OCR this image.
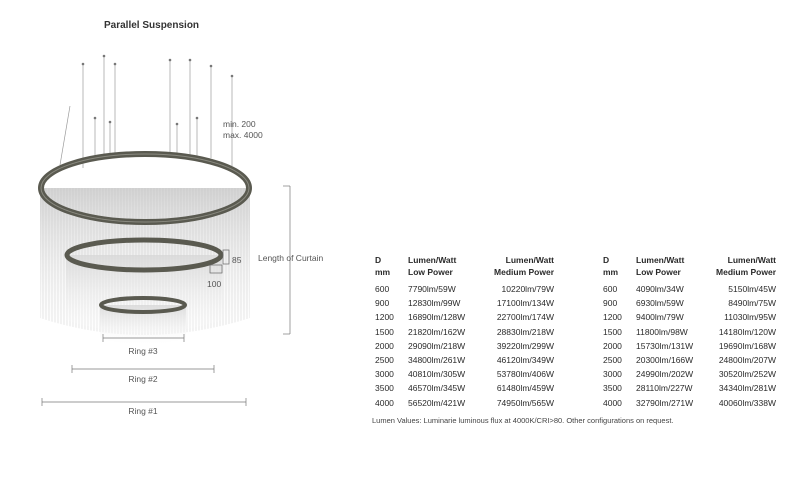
Parallel Suspension
85
100
min. 200
max. 4000
Length of Curtain
Ring #3
Ring #2
Ring #1
D
mm
Lumen/Watt
Low Power
Lumen/Watt
Medium Power
600 7790lm/59W	10220lm/79W
900 12830lm/99W	17100lm/134W
1200 16890lm/128W	22700lm/174W
1500 21820lm/162W	28830lm/218W
2000 29090lm/218W	39220lm/299W
2500 34800lm/261W	46120lm/349W
3000 40810lm/305W	53780lm/406W
3500 46570lm/345W	61480lm/459W
4000 56520lm/421W	74950lm/565W
D
mm
Lumen/Watt
Low Power
Lumen/Watt
Medium Power
600 4090lm/34W	5150lm/45W
900 6930lm/59W	8490lm/75W
1200 9400lm/79W	11030lm/95W
1500 11800lm/98W	14180lm/120W
2000 15730lm/131W	19690lm/168W
2500 20300lm/166W	24800lm/207W
3000 24990lm/202W	30520lm/252W
3500 28110lm/227W	34340lm/281W
4000 32790lm/271W	40060lm/338W
Lumen Values: Luminarie luminous flux at 4000K/CRI>80. Other configurations on request.
